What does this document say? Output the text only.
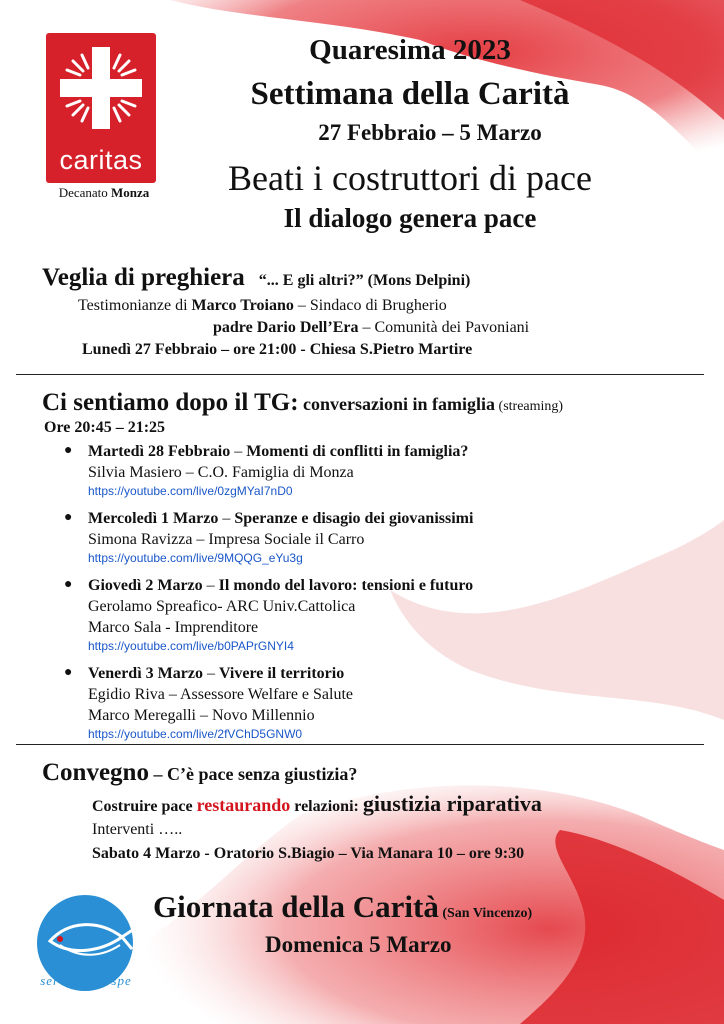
caritas
Decanato Monza
Quaresima 2023
Settimana della Carità
27 Febbraio – 5 Marzo
Beati i costruttori di pace
Il dialogo genera pace
Veglia di preghiera “... E gli altri?” (Mons Delpini)
Testimonianze di Marco Troiano – Sindaco di Brugherio
padre Dario Dell’Era – Comunità dei Pavoniani
Lunedì 27 Febbraio – ore 21:00 - Chiesa S.Pietro Martire
Ci sentiamo dopo il TG: conversazioni in famiglia (streaming)
Ore 20:45 – 21:25
● Martedì 28 Febbraio – Momenti di conflitti in famiglia?
Silvia Masiero – C.O. Famiglia di Monza
https://youtube.com/live/0zgMYaI7nD0
● Mercoledì 1 Marzo – Speranze e disagio dei giovanissimi
Simona Ravizza – Impresa Sociale il Carro
https://youtube.com/live/9MQQG_eYu3g
● Giovedì 2 Marzo – Il mondo del lavoro: tensioni e futuro
Gerolamo Spreafico- ARC Univ.Cattolica
Marco Sala - Imprenditore
https://youtube.com/live/b0PAPrGNYI4
● Venerdì 3 Marzo – Vivere il territorio
Egidio Riva – Assessore Welfare e Salute
Marco Meregalli – Novo Millennio
https://youtube.com/live/2fVChD5GNW0
Convegno – C’è pace senza giustizia?
Costruire pace restaurando relazioni: giustizia riparativa
Interventi …..
Sabato 4 Marzo - Oratorio S.Biagio – Via Manara 10 – ore 9:30
Giornata della Carità (San Vincenzo)
Domenica 5 Marzo
serviens in spe
